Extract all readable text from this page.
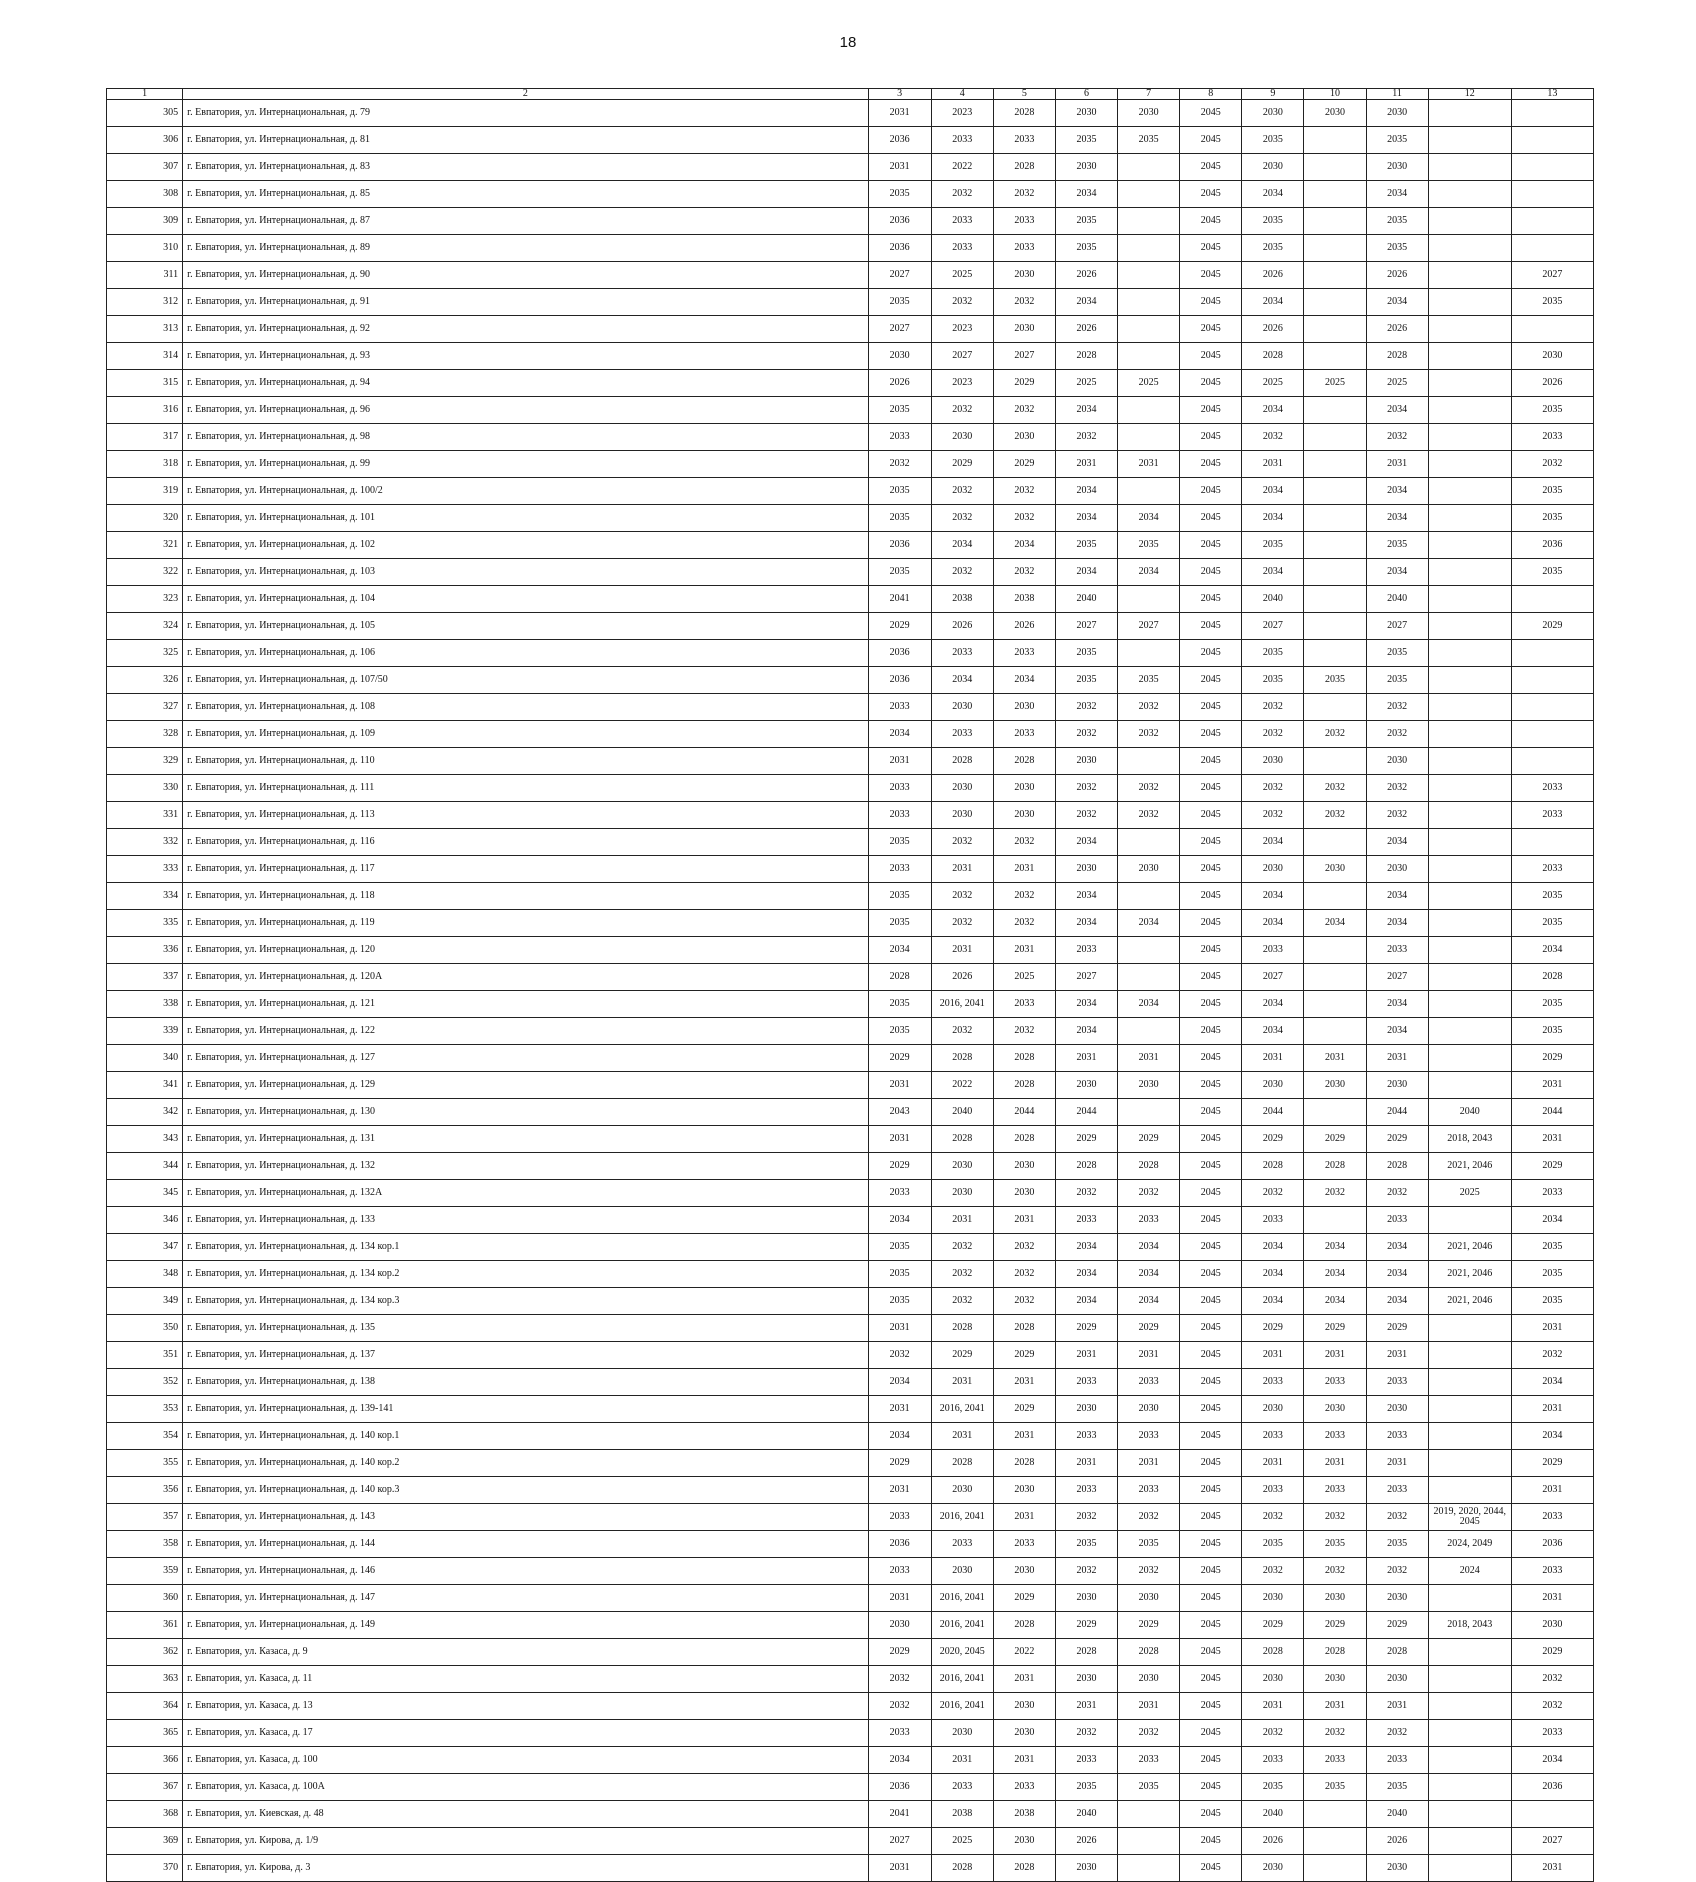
18
1	2	3	4	5	6	7	8	9	10	11	12	13
305	г. Евпатория, ул. Интернациональная, д. 79	2031	2023	2028	2030	2030	2045	2030	2030	2030		
306	г. Евпатория, ул. Интернациональная, д. 81	2036	2033	2033	2035	2035	2045	2035		2035		
307	г. Евпатория, ул. Интернациональная, д. 83	2031	2022	2028	2030		2045	2030		2030		
308	г. Евпатория, ул. Интернациональная, д. 85	2035	2032	2032	2034		2045	2034		2034		
309	г. Евпатория, ул. Интернациональная, д. 87	2036	2033	2033	2035		2045	2035		2035		
310	г. Евпатория, ул. Интернациональная, д. 89	2036	2033	2033	2035		2045	2035		2035		
311	г. Евпатория, ул. Интернациональная, д. 90	2027	2025	2030	2026		2045	2026		2026		2027
312	г. Евпатория, ул. Интернациональная, д. 91	2035	2032	2032	2034		2045	2034		2034		2035
313	г. Евпатория, ул. Интернациональная, д. 92	2027	2023	2030	2026		2045	2026		2026		
314	г. Евпатория, ул. Интернациональная, д. 93	2030	2027	2027	2028		2045	2028		2028		2030
315	г. Евпатория, ул. Интернациональная, д. 94	2026	2023	2029	2025	2025	2045	2025	2025	2025		2026
316	г. Евпатория, ул. Интернациональная, д. 96	2035	2032	2032	2034		2045	2034		2034		2035
317	г. Евпатория, ул. Интернациональная, д. 98	2033	2030	2030	2032		2045	2032		2032		2033
318	г. Евпатория, ул. Интернациональная, д. 99	2032	2029	2029	2031	2031	2045	2031		2031		2032
319	г. Евпатория, ул. Интернациональная, д. 100/2	2035	2032	2032	2034		2045	2034		2034		2035
320	г. Евпатория, ул. Интернациональная, д. 101	2035	2032	2032	2034	2034	2045	2034		2034		2035
321	г. Евпатория, ул. Интернациональная, д. 102	2036	2034	2034	2035	2035	2045	2035		2035		2036
322	г. Евпатория, ул. Интернациональная, д. 103	2035	2032	2032	2034	2034	2045	2034		2034		2035
323	г. Евпатория, ул. Интернациональная, д. 104	2041	2038	2038	2040		2045	2040		2040		
324	г. Евпатория, ул. Интернациональная, д. 105	2029	2026	2026	2027	2027	2045	2027		2027		2029
325	г. Евпатория, ул. Интернациональная, д. 106	2036	2033	2033	2035		2045	2035		2035		
326	г. Евпатория, ул. Интернациональная, д. 107/50	2036	2034	2034	2035	2035	2045	2035	2035	2035		
327	г. Евпатория, ул. Интернациональная, д. 108	2033	2030	2030	2032	2032	2045	2032		2032		
328	г. Евпатория, ул. Интернациональная, д. 109	2034	2033	2033	2032	2032	2045	2032	2032	2032		
329	г. Евпатория, ул. Интернациональная, д. 110	2031	2028	2028	2030		2045	2030		2030		
330	г. Евпатория, ул. Интернациональная, д. 111	2033	2030	2030	2032	2032	2045	2032	2032	2032		2033
331	г. Евпатория, ул. Интернациональная, д. 113	2033	2030	2030	2032	2032	2045	2032	2032	2032		2033
332	г. Евпатория, ул. Интернациональная, д. 116	2035	2032	2032	2034		2045	2034		2034		
333	г. Евпатория, ул. Интернациональная, д. 117	2033	2031	2031	2030	2030	2045	2030	2030	2030		2033
334	г. Евпатория, ул. Интернациональная, д. 118	2035	2032	2032	2034		2045	2034		2034		2035
335	г. Евпатория, ул. Интернациональная, д. 119	2035	2032	2032	2034	2034	2045	2034	2034	2034		2035
336	г. Евпатория, ул. Интернациональная, д. 120	2034	2031	2031	2033		2045	2033		2033		2034
337	г. Евпатория, ул. Интернациональная, д. 120А	2028	2026	2025	2027		2045	2027		2027		2028
338	г. Евпатория, ул. Интернациональная, д. 121	2035	2016, 2041	2033	2034	2034	2045	2034		2034		2035
339	г. Евпатория, ул. Интернациональная, д. 122	2035	2032	2032	2034		2045	2034		2034		2035
340	г. Евпатория, ул. Интернациональная, д. 127	2029	2028	2028	2031	2031	2045	2031	2031	2031		2029
341	г. Евпатория, ул. Интернациональная, д. 129	2031	2022	2028	2030	2030	2045	2030	2030	2030		2031
342	г. Евпатория, ул. Интернациональная, д. 130	2043	2040	2044	2044		2045	2044		2044	2040	2044
343	г. Евпатория, ул. Интернациональная, д. 131	2031	2028	2028	2029	2029	2045	2029	2029	2029	2018, 2043	2031
344	г. Евпатория, ул. Интернациональная, д. 132	2029	2030	2030	2028	2028	2045	2028	2028	2028	2021, 2046	2029
345	г. Евпатория, ул. Интернациональная, д. 132А	2033	2030	2030	2032	2032	2045	2032	2032	2032	2025	2033
346	г. Евпатория, ул. Интернациональная, д. 133	2034	2031	2031	2033	2033	2045	2033		2033		2034
347	г. Евпатория, ул. Интернациональная, д. 134 кор.1	2035	2032	2032	2034	2034	2045	2034	2034	2034	2021, 2046	2035
348	г. Евпатория, ул. Интернациональная, д. 134 кор.2	2035	2032	2032	2034	2034	2045	2034	2034	2034	2021, 2046	2035
349	г. Евпатория, ул. Интернациональная, д. 134 кор.3	2035	2032	2032	2034	2034	2045	2034	2034	2034	2021, 2046	2035
350	г. Евпатория, ул. Интернациональная, д. 135	2031	2028	2028	2029	2029	2045	2029	2029	2029		2031
351	г. Евпатория, ул. Интернациональная, д. 137	2032	2029	2029	2031	2031	2045	2031	2031	2031		2032
352	г. Евпатория, ул. Интернациональная, д. 138	2034	2031	2031	2033	2033	2045	2033	2033	2033		2034
353	г. Евпатория, ул. Интернациональная, д. 139-141	2031	2016, 2041	2029	2030	2030	2045	2030	2030	2030		2031
354	г. Евпатория, ул. Интернациональная, д. 140 кор.1	2034	2031	2031	2033	2033	2045	2033	2033	2033		2034
355	г. Евпатория, ул. Интернациональная, д. 140 кор.2	2029	2028	2028	2031	2031	2045	2031	2031	2031		2029
356	г. Евпатория, ул. Интернациональная, д. 140 кор.3	2031	2030	2030	2033	2033	2045	2033	2033	2033		2031
357	г. Евпатория, ул. Интернациональная, д. 143	2033	2016, 2041	2031	2032	2032	2045	2032	2032	2032	2019, 2020, 2044, 2045	2033
358	г. Евпатория, ул. Интернациональная, д. 144	2036	2033	2033	2035	2035	2045	2035	2035	2035	2024, 2049	2036
359	г. Евпатория, ул. Интернациональная, д. 146	2033	2030	2030	2032	2032	2045	2032	2032	2032	2024	2033
360	г. Евпатория, ул. Интернациональная, д. 147	2031	2016, 2041	2029	2030	2030	2045	2030	2030	2030		2031
361	г. Евпатория, ул. Интернациональная, д. 149	2030	2016, 2041	2028	2029	2029	2045	2029	2029	2029	2018, 2043	2030
362	г. Евпатория, ул. Казаса, д. 9	2029	2020, 2045	2022	2028	2028	2045	2028	2028	2028		2029
363	г. Евпатория, ул. Казаса, д. 11	2032	2016, 2041	2031	2030	2030	2045	2030	2030	2030		2032
364	г. Евпатория, ул. Казаса, д. 13	2032	2016, 2041	2030	2031	2031	2045	2031	2031	2031		2032
365	г. Евпатория, ул. Казаса, д. 17	2033	2030	2030	2032	2032	2045	2032	2032	2032		2033
366	г. Евпатория, ул. Казаса, д. 100	2034	2031	2031	2033	2033	2045	2033	2033	2033		2034
367	г. Евпатория, ул. Казаса, д. 100А	2036	2033	2033	2035	2035	2045	2035	2035	2035		2036
368	г. Евпатория, ул. Киевская, д. 48	2041	2038	2038	2040		2045	2040		2040		
369	г. Евпатория, ул. Кирова, д. 1/9	2027	2025	2030	2026		2045	2026		2026		2027
370	г. Евпатория, ул. Кирова, д. 3	2031	2028	2028	2030		2045	2030		2030		2031
